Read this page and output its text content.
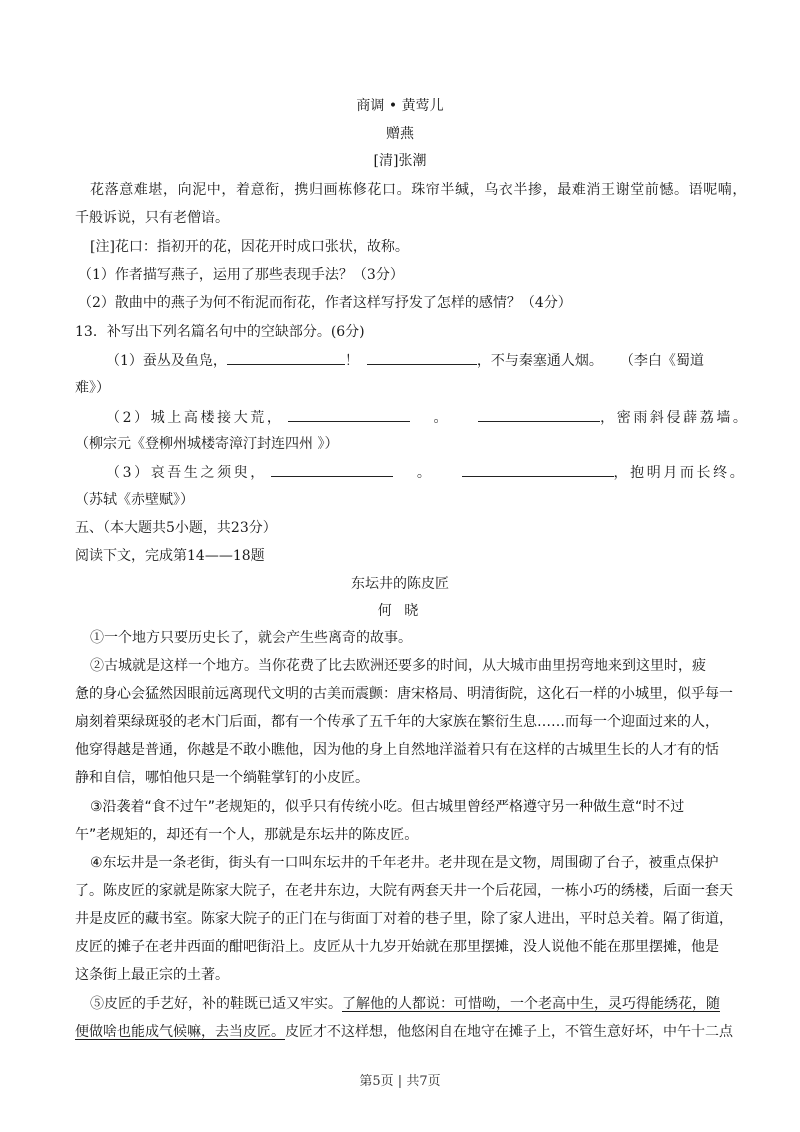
商调 • 黄莺儿
赠燕
[清]张潮
花落意难堪，向泥中，着意衔，携归画栋修花口。珠帘半缄，乌衣半掺，最难消王谢堂前憾。语呢喃，
千般诉说，只有老僧谙。
[注]花口：指初开的花，因花开时成口张状，故称。
（1）作者描写燕子，运用了那些表现手法？（3分）
（2）散曲中的燕子为何不衔泥而衔花，作者这样写抒发了怎样的感情？（4分）
13．补写出下列名篇名句中的空缺部分。(6分)
（1）蚕丛及鱼凫，	！	，不与秦塞通人烟。 （李白《蜀道
难》）
（2）城上高楼接大荒，	。	，密雨斜侵薜荔墙。
（柳宗元《登柳州城楼寄漳汀封连四州 》）
（3）哀吾生之须臾，	。	，抱明月而长终。
（苏轼《赤壁赋》）
五、（本大题共5小题，共23分）
阅读下文，完成第14——18题
东坛井的陈皮匠
何 晓
①一个地方只要历史长了，就会产生些离奇的故事。
②古城就是这样一个地方。当你花费了比去欧洲还要多的时间，从大城市曲里拐弯地来到这里时，疲
惫的身心会猛然因眼前远离现代文明的古美而震颤：唐宋格局、明清街院，这化石一样的小城里，似乎每一
扇刻着栗绿斑驳的老木门后面，都有一个传承了五千年的大家族在繁衍生息……而每一个迎面过来的人，
他穿得越是普通，你越是不敢小瞧他，因为他的身上自然地洋溢着只有在这样的古城里生长的人才有的恬
静和自信，哪怕他只是一个绱鞋掌钉的小皮匠。
③沿袭着“食不过午”老规矩的，似乎只有传统小吃。但古城里曾经严格遵守另一种做生意“时不过
午”老规矩的，却还有一个人，那就是东坛井的陈皮匠。
④东坛井是一条老街，街头有一口叫东坛井的千年老井。老井现在是文物，周围砌了台子，被重点保护
了。陈皮匠的家就是陈家大院子，在老井东边，大院有两套天井一个后花园，一栋小巧的绣楼，后面一套天
井是皮匠的藏书室。陈家大院子的正门在与街面丁对着的巷子里，除了家人进出，平时总关着。隔了街道，
皮匠的摊子在老井西面的酣吧街沿上。皮匠从十九岁开始就在那里摆摊，没人说他不能在那里摆摊，他是
这条街上最正宗的土著。
⑤皮匠的手艺好，补的鞋既已适又牢实。了解他的人都说：可惜呦，一个老高中生，灵巧得能绣花，随
便做啥也能成气候嘛，去当皮匠。皮匠才不这样想，他悠闲自在地守在摊子上，不管生意好坏，中午十二点
第5页 | 共7页
